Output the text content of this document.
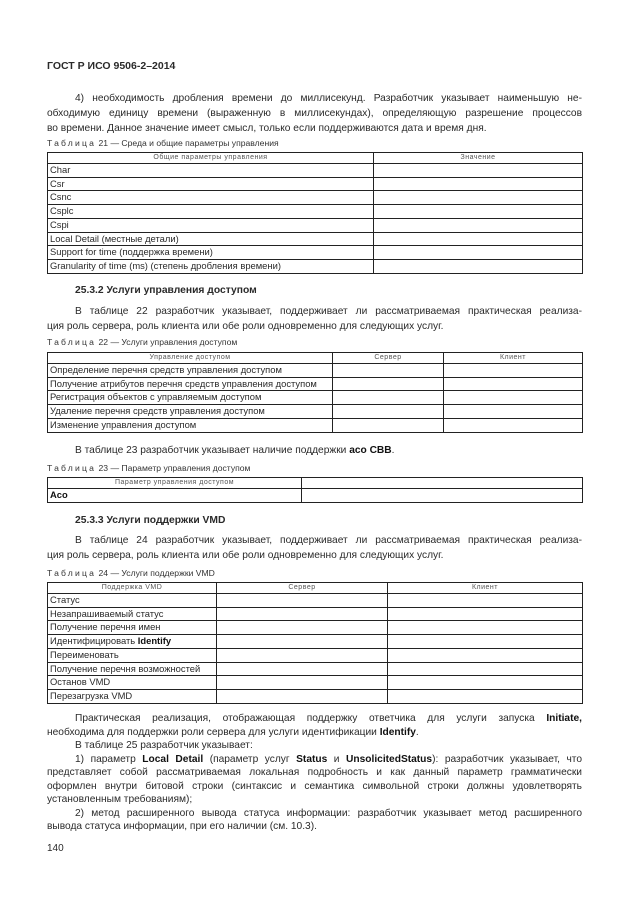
ГОСТ Р ИСО 9506-2–2014
4) необходимость дробления времени до миллисекунд. Разработчик указывает наименьшую не-
обходимую единицу времени (выраженную в миллисекундах), определяющую разрешение процессов
во времени. Данное значение имеет смысл, только если поддерживаются дата и время дня.
Таблица 21 — Среда и общие параметры управления
Общие параметры управления	Значение
Char	
Csr	
Csnc	
Csplc	
Cspi	
Local Detail (местные детали)	
Support for time (поддержка времени)	
Granularity of time (ms) (степень дробления времени)	
25.3.2 Услуги управления доступом
В таблице 22 разработчик указывает, поддерживает ли рассматриваемая практическая реализа-
ция роль сервера, роль клиента или обе роли одновременно для следующих услуг.
Таблица 22 — Услуги управления доступом
Управление доступом	Сервер	Клиент
Определение перечня средств управления доступом		
Получение атрибутов перечня средств управления доступом		
Регистрация объектов с управляемым доступом		
Удаление перечня средств управления доступом		
Изменение управления доступом		
В таблице 23 разработчик указывает наличие поддержки aco CBB.
Таблица 23 — Параметр управления доступом
Параметр управления доступом	
Aco	
25.3.3 Услуги поддержки VMD
В таблице 24 разработчик указывает, поддерживает ли рассматриваемая практическая реализа-
ция роль сервера, роль клиента или обе роли одновременно для следующих услуг.
Таблица 24 — Услуги поддержки VMD
Поддержка VMD	Сервер	Клиент
Статус		
Незапрашиваемый статус		
Получение перечня имен		
Идентифицировать Identify		
Переименовать		
Получение перечня возможностей		
Останов VMD		
Перезагрузка VMD		
Практическая реализация, отображающая поддержку ответчика для услуги запуска Initiate,
необходима для поддержки роли сервера для услуги идентификации Identify.
В таблице 25 разработчик указывает:
1) параметр Local Detail (параметр услуг Status и UnsolicitedStatus): разработчик указывает, что
представляет собой рассматриваемая локальная подробность и как данный параметр грамматически
оформлен внутри битовой строки (синтаксис и семантика символьной строки должны удовлетворять
установленным требованиям);
2) метод расширенного вывода статуса информации: разработчик указывает метод расширенного
вывода статуса информации, при его наличии (см. 10.3).
140
